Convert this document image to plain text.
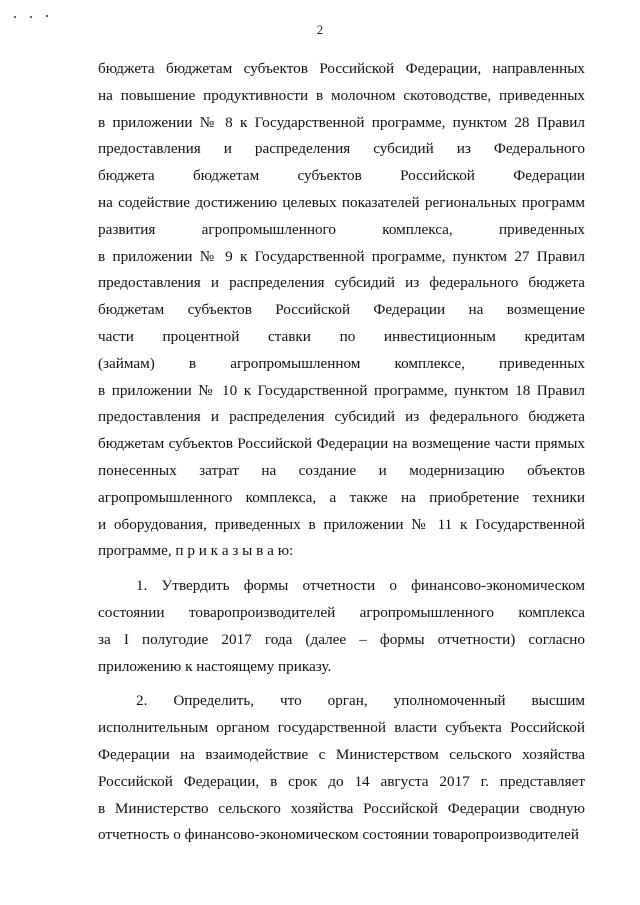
2
бюджета бюджетам субъектов Российской Федерации, направленных
на повышение продуктивности в молочном скотоводстве, приведенных
в приложении № 8 к Государственной программе, пунктом 28 Правил
предоставления и распределения субсидий из Федерального
бюджета бюджетам субъектов Российской Федерации
на содействие достижению целевых показателей региональных программ
развития агропромышленного комплекса, приведенных
в приложении № 9 к Государственной программе, пунктом 27 Правил
предоставления и распределения субсидий из федерального бюджета
бюджетам субъектов Российской Федерации на возмещение
части процентной ставки по инвестиционным кредитам
(займам) в агропромышленном комплексе, приведенных
в приложении № 10 к Государственной программе, пунктом 18 Правил
предоставления и распределения субсидий из федерального бюджета
бюджетам субъектов Российской Федерации на возмещение части прямых
понесенных затрат на создание и модернизацию объектов
агропромышленного комплекса, а также на приобретение техники
и оборудования, приведенных в приложении № 11 к Государственной
программе, п р и к а з ы в а ю:
1. Утвердить формы отчетности о финансово-экономическом
состоянии товаропроизводителей агропромышленного комплекса
за I полугодие 2017 года (далее – формы отчетности) согласно
приложению к настоящему приказу.
2. Определить, что орган, уполномоченный высшим
исполнительным органом государственной власти субъекта Российской
Федерации на взаимодействие с Министерством сельского хозяйства
Российской Федерации, в срок до 14 августа 2017 г. представляет
в Министерство сельского хозяйства Российской Федерации сводную
отчетность о финансово-экономическом состоянии товаропроизводителей
